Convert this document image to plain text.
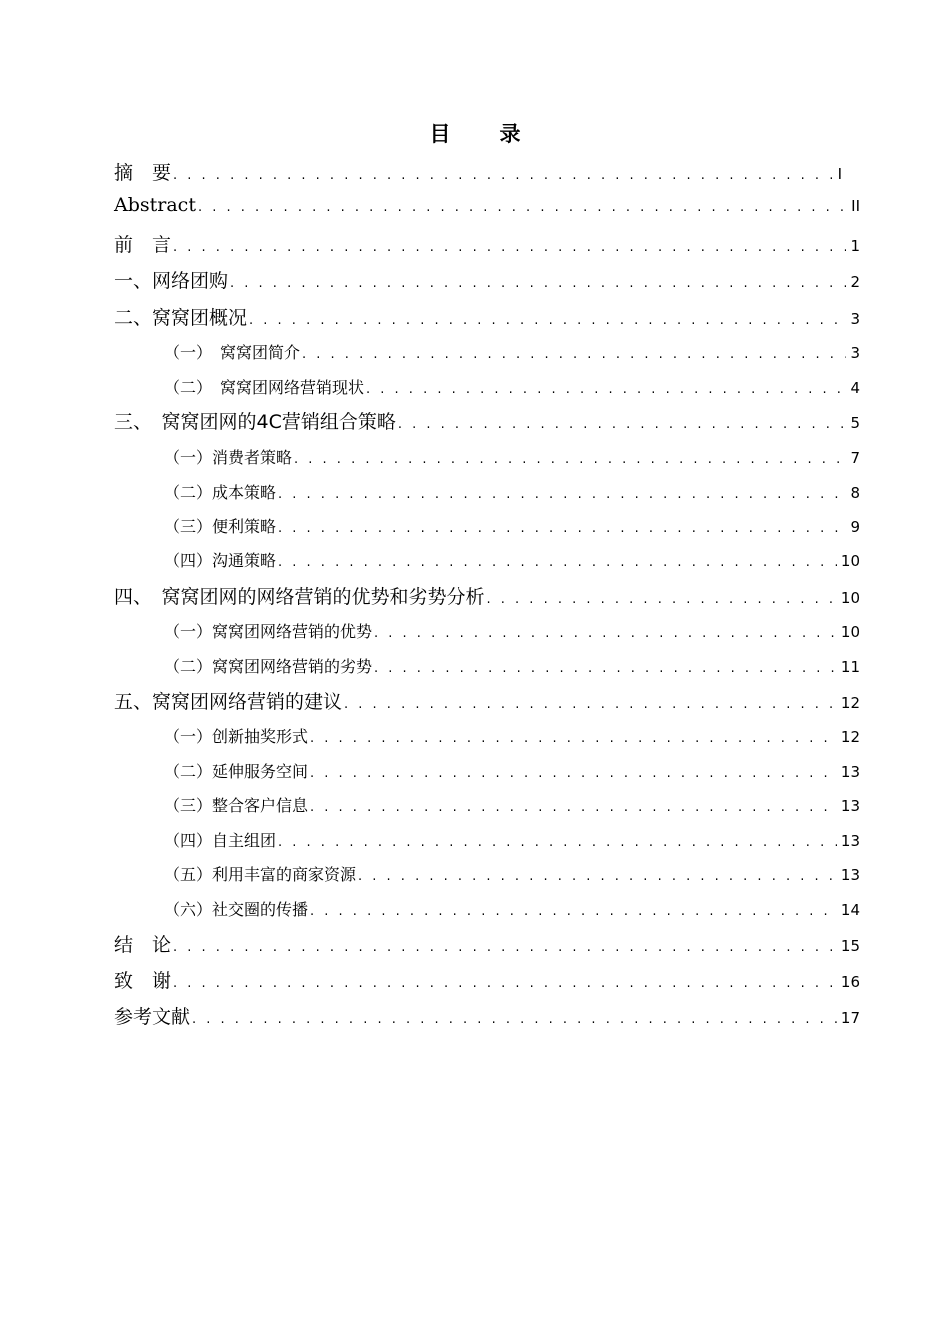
目　录
摘　要 . . .	I
Abstract . . .	II
前　言 . . .	1
一、网络团购 . . .	2
二、窝窝团概况 . . .	3
（一）　窝窝团简介 . . .	3
（二）　窝窝团网络营销现状 . . .	4
三、　窝窝团网的4C营销组合策略 . . .	5
（一）消费者策略 . . .	7
（二）成本策略 . . .	8
（三）便利策略 . . .	9
（四）沟通策略 . . .	10
四、　窝窝团网的网络营销的优势和劣势分析 . . .	10
（一）窝窝团网络营销的优势 . . .	10
（二）窝窝团网络营销的劣势 . . .	11
五、窝窝团网络营销的建议 . . .	12
（一）创新抽奖形式 . . .	12
（二）延伸服务空间 . . .	13
（三）整合客户信息 . . .	13
（四）自主组团 . . .	13
（五）利用丰富的商家资源 . . .	13
（六）社交圈的传播 . . .	14
结　论 . . .	15
致　谢 . . .	16
参考文献 . . .	17
